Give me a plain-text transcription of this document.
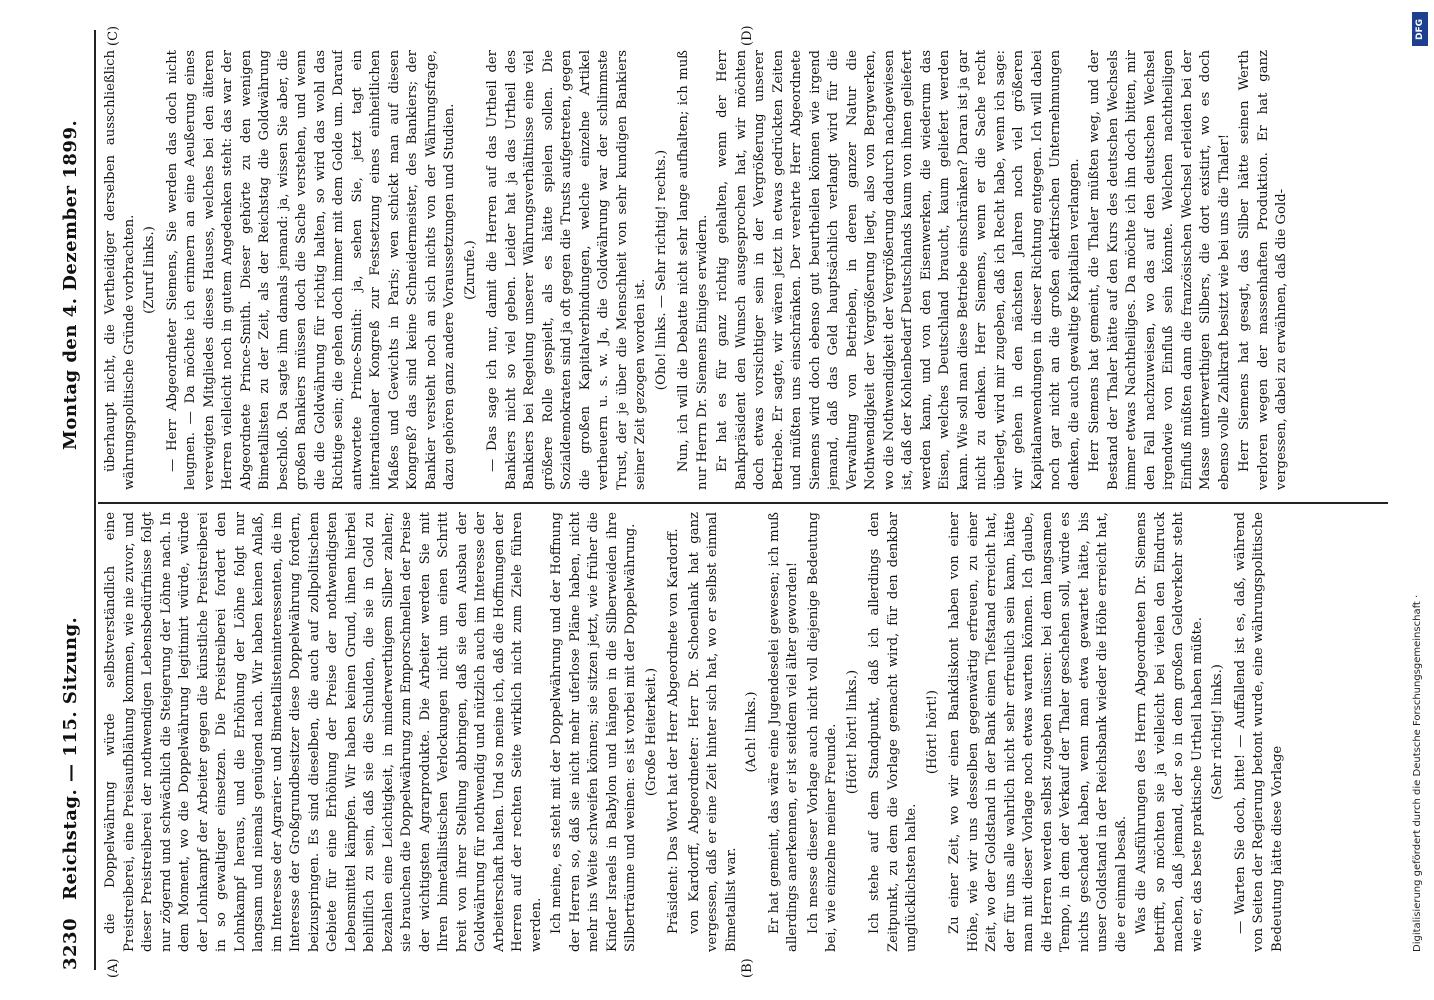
3230
Reichstag. — 115. Sitzung.
Montag den 4. Dezember 1899.
(A)	(B)
(C)	(D)

die Doppelwährung würde selbstverständlich eine Preistreiberei, eine Preisaufblähung kommen, wie nie zuvor, und dieser Preistreiberei der nothwendigen Lebensbedürfnisse folgt nur zögernd und schwächlich die Steigerung der Löhne nach. In dem Moment, wo die Doppelwährung legitimirt würde, würde der Lohnkampf der Arbeiter gegen die künstliche Preistreiberei in so gewaltiger einsetzen. Die Preistreiberei fordert den Lohnkampf heraus, und die Erhöhung der Löhne folgt nur langsam und niemals genügend nach. Wir haben keinen Anlaß, im Interesse der Agrarier- und Bimetallisteninteressenten, die im Interesse der Großgrundbesitzer diese Doppelwährung fordern, beizuspringen. Es sind dieselben, die auch auf zollpolitischem Gebiete für eine Erhöhung der Preise der nothwendigsten Lebensmittel kämpfen. Wir haben keinen Grund, ihnen hierbei behilflich zu sein, daß sie die Schulden, die sie in Gold zu bezahlen eine Leichtigkeit, in minderwerthigem Silber zahlen; sie brauchen die Doppelwährung zum Emporschnellen der Preise der wichtigsten Agrarprodukte. Die Arbeiter werden Sie mit Ihren bimetallistischen Verlockungen nicht um einen Schritt breit von ihrer Stellung abbringen, daß sie den Ausbau der Goldwährung für nothwendig und nützlich auch im Interesse der Arbeiterschaft halten. Und so meine ich, daß die Hoffnungen der Herren auf der rechten Seite wirklich nicht zum Ziele führen werden. Ich meine, es steht mit der Doppelwährung und der Hoffnung der Herren so, daß sie nicht mehr uferlose Pläne haben, nicht mehr ins Weite schweifen können; sie sitzen jetzt, wie früher die Kinder Israels in Babylon und hängen in die Silberweiden ihre Silberträume und weinen: es ist vorbei mit der Doppelwährung. (Große Heiterkeit.) Präsident: Das Wort hat der Herr Abgeordnete von Kardorff. von Kardorff, Abgeordneter: Herr Dr. Schoenlank hat ganz vergessen, daß er eine Zeit hinter sich hat, wo er selbst einmal Bimetallist war.

(Ach! links.) Er hat gemeint, das wäre eine Jugendeselei gewesen; ich muß allerdings anerkennen, er ist seitdem viel älter geworden! Ich messe dieser Vorlage auch nicht voll diejenige Bedeutung bei, wie einzelne meiner Freunde. (Hört! hört! links.) Ich stehe auf dem Standpunkt, daß ich allerdings den Zeitpunkt, zu dem die Vorlage gemacht wird, für den denkbar unglücklichsten halte.

(Hört! hört!) Zu einer Zeit, wo wir einen Bankdiskont haben von einer Höhe, wie wir uns desselben gegenwärtig erfreuen, zu einer Zeit, wo der Goldstand in der Bank einen Tiefstand erreicht hat, der für uns alle wahrlich nicht sehr erfreulich sein kann, hätte man mit dieser Vorlage noch etwas warten können. Ich glaube, die Herren werden selbst zugeben müssen: bei dem langsamen Tempo, in dem der Verkauf der Thaler geschehen soll, würde es nichts geschadet haben, wenn man etwa gewartet hätte, bis unser Goldstand in der Reichsbank wieder die Höhe erreicht hat, die er einmal besaß. Was die Ausführungen des Herrn Abgeordneten Dr. Siemens betrifft, so möchten sie ja vielleicht bei vielen den Eindruck machen, daß jemand, der so in dem großen Geldverkehr steht wie er, das beste praktische Urtheil haben müßte. (Sehr richtig! links.) — Warten Sie doch, bitte! — Auffallend ist es, daß, während von Seiten der Regierung betont wurde, eine währungspolitische Bedeutung hätte diese Vorlage

überhaupt nicht, die Vertheidiger derselben ausschließlich währungspolitische Gründe vorbrachten. (Zuruf links.) — Herr Abgeordneter Siemens, Sie werden das doch nicht leugnen. — Da möchte ich erinnern an eine Aeußerung eines verewigten Mitgliedes dieses Hauses, welches bei den älteren Herren vielleicht noch in gutem Angedenken steht: das war der Abgeordnete Prince-Smith. Dieser gehörte zu den wenigen Bimetallisten zu der Zeit, als der Reichstag die Goldwährung beschloß. Da sagte ihm damals jemand: ja, wissen Sie aber, die großen Bankiers müssen doch die Sache verstehen, und wenn die die Goldwährung für richtig halten, so wird das wohl das Richtige sein; die gehen doch immer mit dem Golde um. Darauf antwortete Prince-Smith: ja, sehen Sie, jetzt tagt ein internationaler Kongreß zur Festsetzung eines einheitlichen Maßes und Gewichts in Paris; wen schickt man auf diesen Kongreß? das sind keine Schneidermeister, des Bankiers; der Bankier versteht noch an sich nichts von der Währungsfrage, dazu gehören ganz andere Voraussetzungen und Studien. (Zurufe.) — Das sage ich nur, damit die Herren auf das Urtheil der Bankiers nicht so viel geben. Leider hat ja das Urtheil des Bankiers bei Regelung unserer Währungsverhältnisse eine viel größere Rolle gespielt, als es hätte spielen sollen. Die Sozialdemokraten sind ja oft gegen die Trusts aufgetreten, gegen die großen Kapitalverbindungen, welche einzelne Artikel vertheuern u. s. w. Ja, die Goldwährung war der schlimmste Trust, der je über die Menschheit von sehr kundigen Bankiers seiner Zeit gezogen worden ist. (Oho! links. — Sehr richtig! rechts.) Nun, ich will die Debatte nicht sehr lange aufhalten; ich muß nur Herrn Dr. Siemens Einiges erwidern. Er hat es für ganz richtig gehalten, wenn der Herr Bankpräsident den Wunsch ausgesprochen hat, wir möchten doch etwas vorsichtiger sein in der Vergrößerung unserer Betriebe. Er sagte, wir wären jetzt in etwas gedrückten Zeiten und müßten uns einschränken. Der verehrte Herr Abgeordnete Siemens wird doch ebenso gut beurtheilen können wie irgend jemand, daß das Geld hauptsächlich verlangt wird für die Verwaltung von Betrieben, in deren ganzer Natur die Nothwendigkeit der Vergrößerung liegt, also von Bergwerken, wo die Nothwendigkeit der Vergrößerung dadurch nachgewiesen ist, daß der Kohlenbedarf Deutschlands kaum von ihnen geliefert werden kann, und von den Eisenwerken, die wiederum das Eisen, welches Deutschland braucht, kaum geliefert werden kann. Wie soll man diese Betriebe einschränken? Daran ist ja gar nicht zu denken. Herr Siemens, wenn er die Sache recht überlegt, wird mir zugeben, daß ich Recht habe, wenn ich sage: wir gehen in den nächsten Jahren noch viel größeren Kapitalanwendungen in dieser Richtung entgegen. Ich will dabei noch gar nicht an die großen elektrischen Unternehmungen denken, die auch gewaltige Kapitalien verlangen. Herr Siemens hat gemeint, die Thaler müßten weg, und der Bestand der Thaler hätte auf den Kurs des deutschen Wechsels immer etwas Nachtheiliges. Da möchte ich ihn doch bitten, mir den Fall nachzuweisen, wo das auf den deutschen Wechsel irgendwie von Einfluß sein könnte. Welchen nachtheiligen Einfluß müßten dann die französischen Wechsel erleiden bei der Masse unterwerthigen Silbers, die dort existirt, wo es doch ebenso volle Zahlkraft besitzt wie bei uns die Thaler! Herr Siemens hat gesagt, das Silber hätte seinen Werth verloren wegen der massenhaften Produktion. Er hat ganz vergessen, dabei zu erwähnen, daß die Gold-

DFG
Digitalisierung gefördert durch die Deutsche Forschungsgemeinschaft ·
